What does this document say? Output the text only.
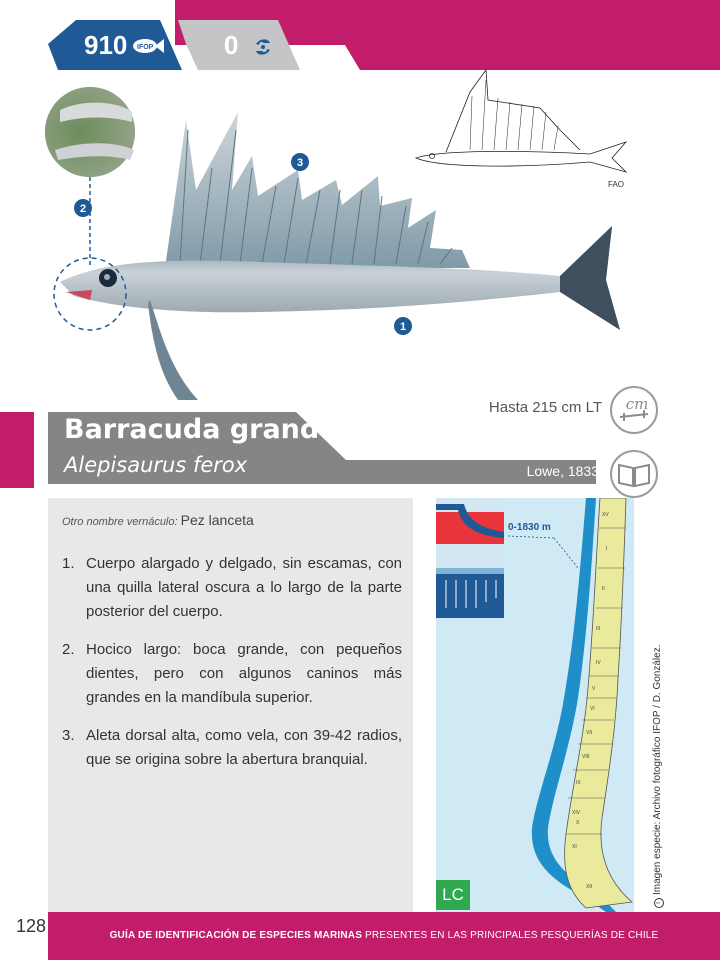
910 IFOP	0
2
1
3
FAO
Barracuda grande
Alepisaurus ferox
Hasta 215 cm LT
Lowe, 1833
cm
Otro nombre vernáculo: Pez lanceta
1. Cuerpo alargado y delgado, sin escamas, con una quilla lateral oscura a lo largo de la parte posterior del cuerpo.
2. Hocico largo: boca grande, con pequeños dientes, pero con algunos caninos más grandes en la mandíbula superior.
3. Aleta dorsal alta, como vela, con 39-42 radios, que se origina sobre la abertura branquial.
XV
I
II
III
IV
V
VI
VII
VIII
IX
XIV
X
XI
XII
0-1830 m
LC	iImagen especie: Archivo fotográfico IFOP / D. González.
GUÍA DE IDENTIFICACIÓN DE ESPECIES MARINAS PRESENTES EN LAS PRINCIPALES PESQUERÍAS DE CHILE
128
